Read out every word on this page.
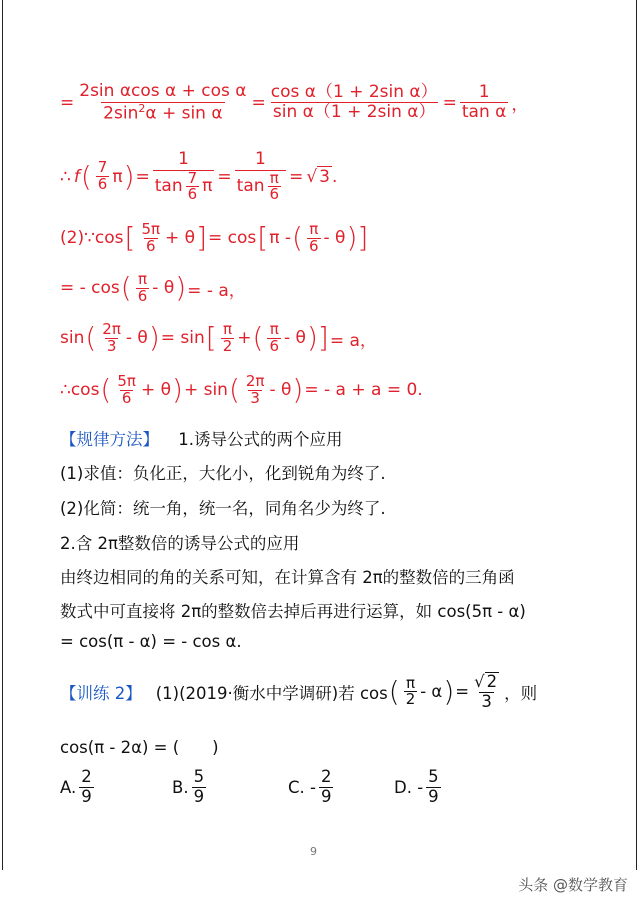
= $\frac{\text{2sin αcos α + cos α}}{2\sin^2\alpha + \sin \alpha} = \frac{\text{cos α（1 + 2sin α）}}{\text{sin α（1 + 2sin α）}} = \frac{1}{\text{tan α}}$ ，
∴ f ( $\frac{7}{6}$ π ) = $\frac{1}{\tan \frac{7}{6} \pi} = \frac{1}{\tan \frac{\pi}{6}}$ = √ 3 .
(2)∵cos [ $\frac{5\pi}{6} + \theta$ ] = cos [ π - ( $\frac{\pi}{6}$ - θ )]
= - cos ( $\frac{\pi}{6}$ - θ ) = - a，
sin ( $\frac{2\pi}{3}$ - θ ) = sin [ $\frac{\pi}{2}$ + ( $\frac{\pi}{6}$ - θ )] = a，
∴cos ( $\frac{5\pi}{6} + \theta$ ) + sin ( $\frac{2\pi}{3}$ - θ ) = - a + a = 0.
【规律方法】 1.诱导公式的两个应用
(1)求值：负化正，大化小，化到锐角为终了.
(2)化简：统一角，统一名，同角名少为终了.
2.含 2π整数倍的诱导公式的应用
由终边相同的角的关系可知，在计算含有 2π的整数倍的三角函
数式中可直接将 2π的整数倍去掉后再进行运算，如 cos(5π - α)
= cos(π - α) = - cos α.
【训练 2】 (1)(2019·衡水中学调研)若 cos ( $\frac{\pi}{2}$ - α ) = $\frac{√ 2}{3}$ ，则
cos(π - 2α) = (　　)
A. $\frac{2}{9}$	B. $\frac{5}{9}$	C. - $\frac{2}{9}$	D. - $\frac{5}{9}$
9
头条 @数学教育
